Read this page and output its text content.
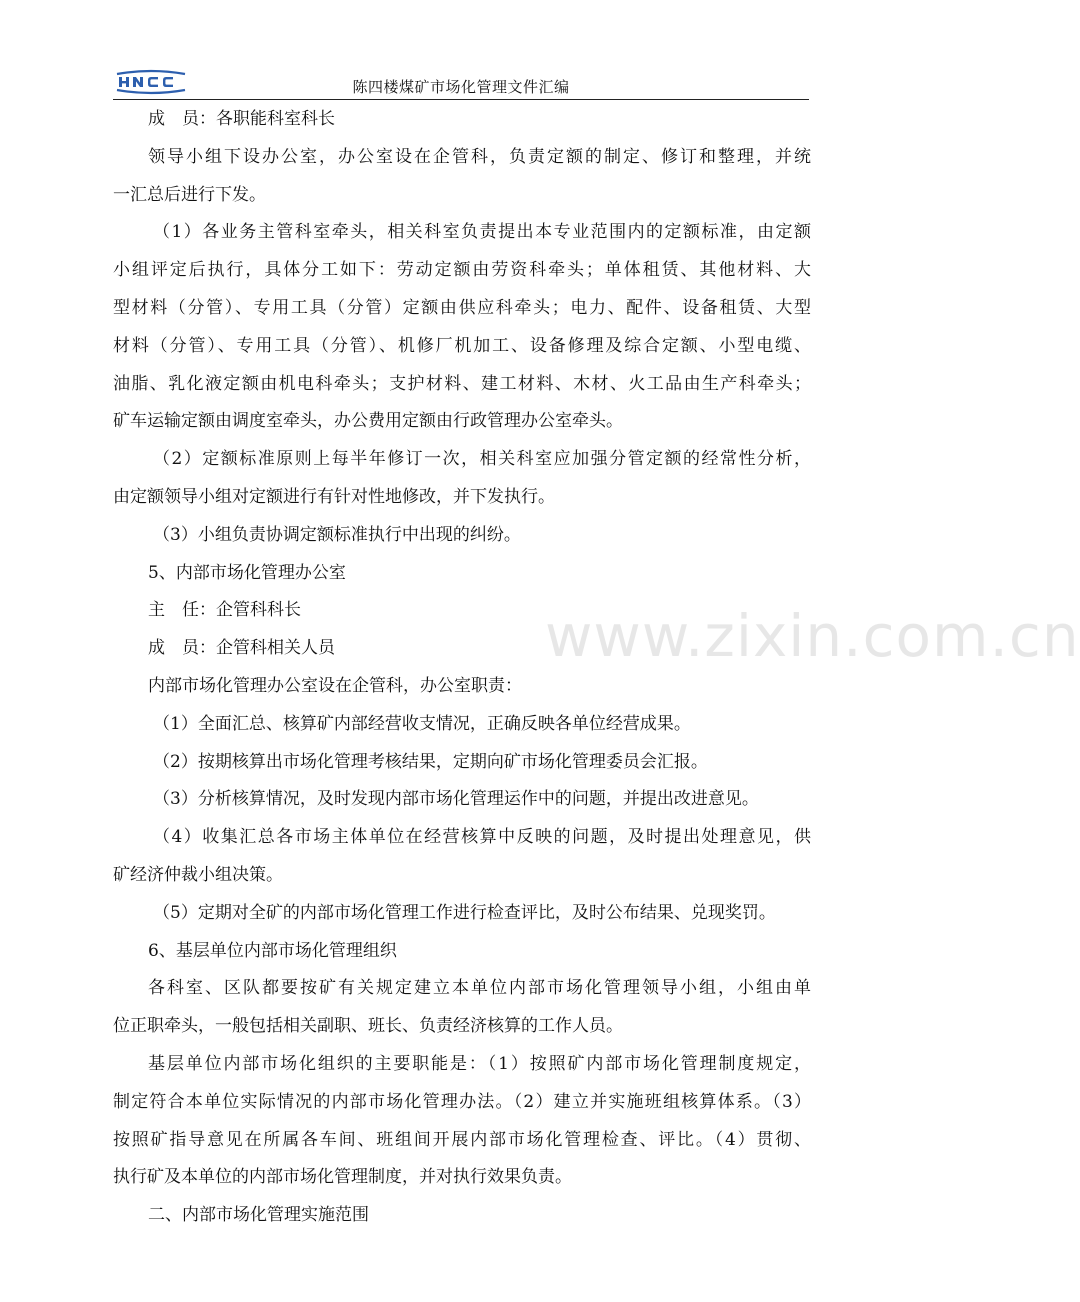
陈四楼煤矿市场化管理文件汇编
成　员：各职能科室科长
领导小组下设办公室，办公室设在企管科，负责定额的制定、修订和整理，并统
一汇总后进行下发。
（1）各业务主管科室牵头，相关科室负责提出本专业范围内的定额标准，由定额
小组评定后执行，具体分工如下：劳动定额由劳资科牵头；单体租赁、其他材料、大
型材料（分管）、专用工具（分管）定额由供应科牵头；电力、配件、设备租赁、大型
材料（分管）、专用工具（分管）、机修厂机加工、设备修理及综合定额、小型电缆、
油脂、乳化液定额由机电科牵头；支护材料、建工材料、木材、火工品由生产科牵头；
矿车运输定额由调度室牵头，办公费用定额由行政管理办公室牵头。
（2）定额标准原则上每半年修订一次，相关科室应加强分管定额的经常性分析，
由定额领导小组对定额进行有针对性地修改，并下发执行。
（3）小组负责协调定额标准执行中出现的纠纷。
5、内部市场化管理办公室
主　任：企管科科长
成　员：企管科相关人员
内部市场化管理办公室设在企管科，办公室职责：
（1）全面汇总、核算矿内部经营收支情况，正确反映各单位经营成果。
（2）按期核算出市场化管理考核结果，定期向矿市场化管理委员会汇报。
（3）分析核算情况，及时发现内部市场化管理运作中的问题，并提出改进意见。
（4）收集汇总各市场主体单位在经营核算中反映的问题，及时提出处理意见，供
矿经济仲裁小组决策。
（5）定期对全矿的内部市场化管理工作进行检查评比，及时公布结果、兑现奖罚。
6、基层单位内部市场化管理组织
各科室、区队都要按矿有关规定建立本单位内部市场化管理领导小组，小组由单
位正职牵头，一般包括相关副职、班长、负责经济核算的工作人员。
基层单位内部市场化组织的主要职能是：（1）按照矿内部市场化管理制度规定，
制定符合本单位实际情况的内部市场化管理办法。（2）建立并实施班组核算体系。（3）
按照矿指导意见在所属各车间、班组间开展内部市场化管理检查、评比。（4）贯彻、
执行矿及本单位的内部市场化管理制度，并对执行效果负责。
二、内部市场化管理实施范围
www.zixin.com.cn
